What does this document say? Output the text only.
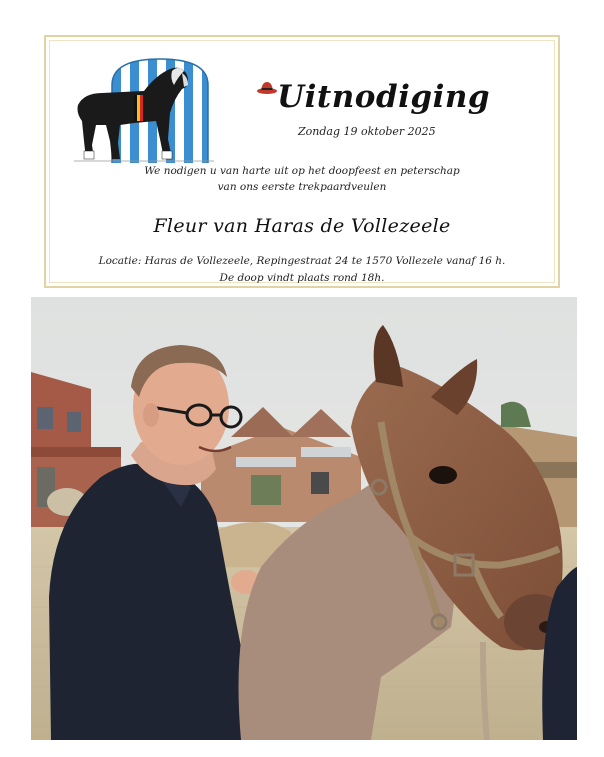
Uitnodiging
Zondag 19 oktober 2025
We nodigen u van harte uit op het doopfeest en peterschap
van ons eerste trekpaardveulen
Fleur van Haras de Vollezeele
Locatie: Haras de Vollezeele, Repingestraat 24 te 1570 Vollezele vanaf 16 h.
De doop vindt plaats rond 18h.
